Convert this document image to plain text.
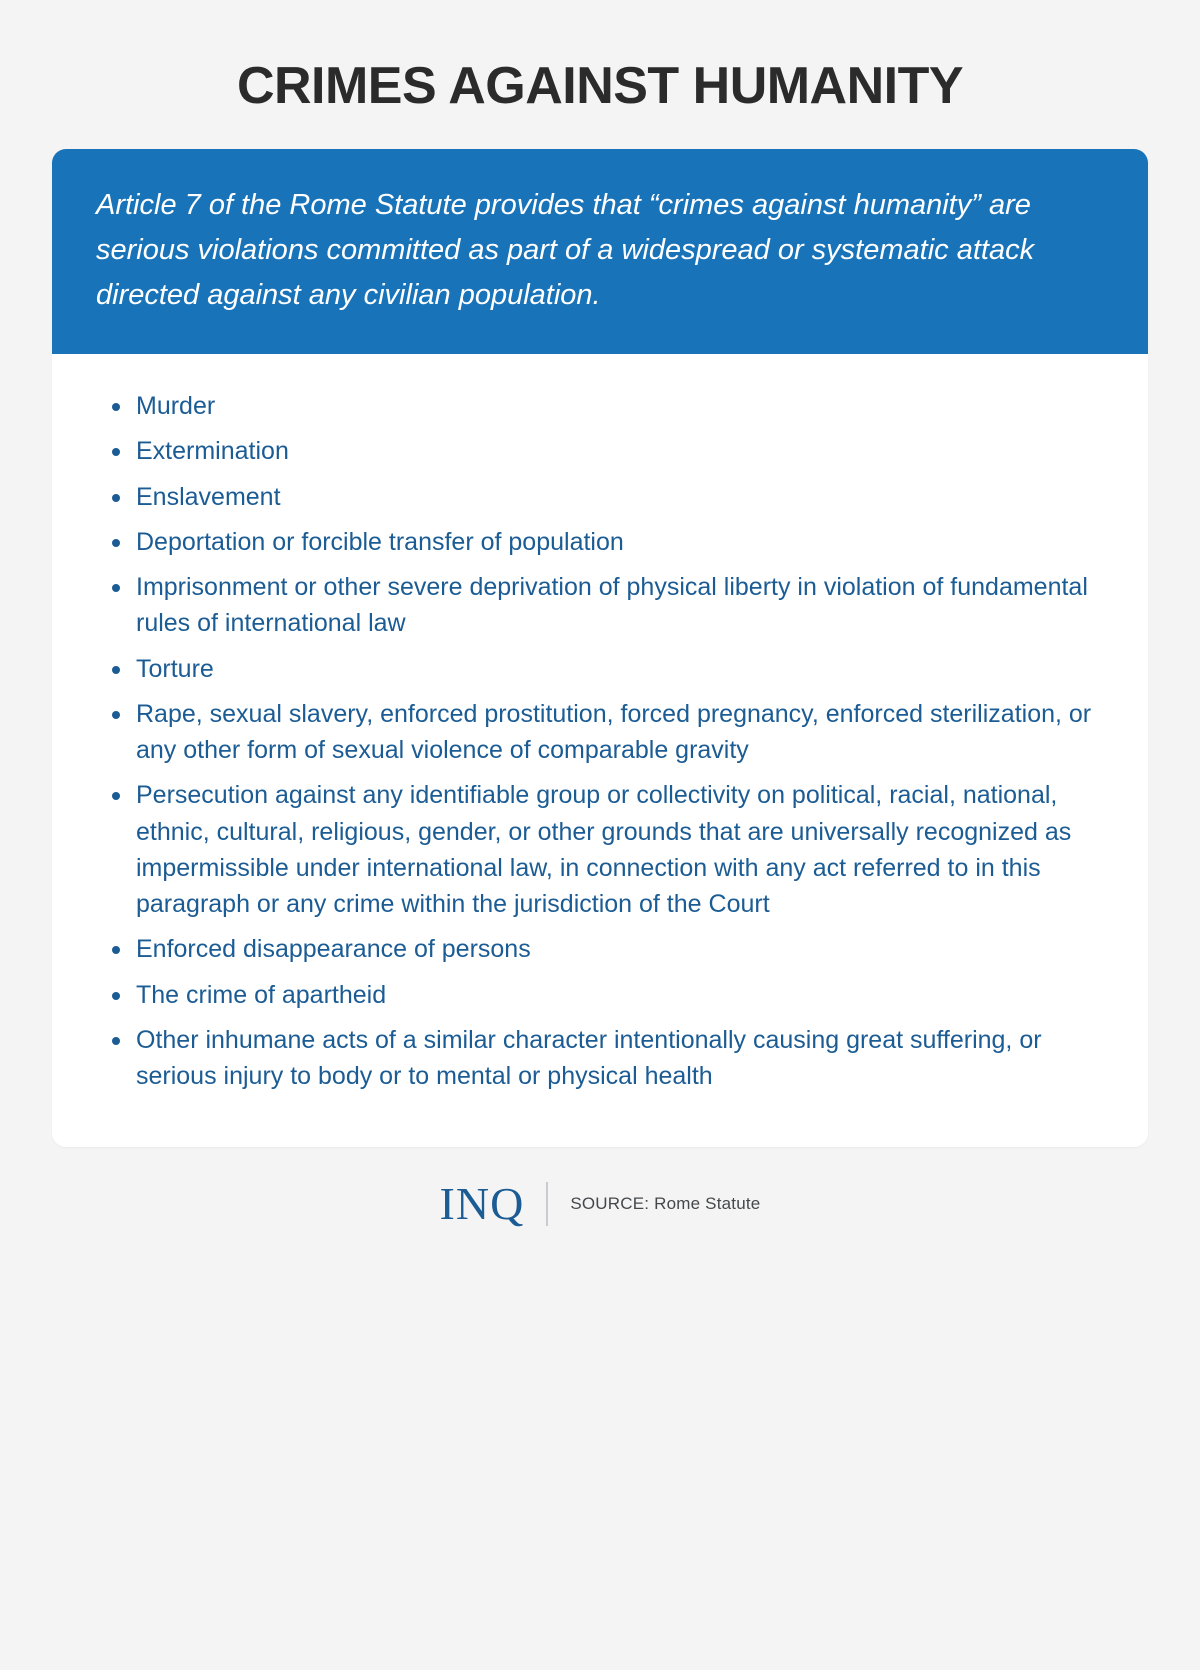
CRIMES AGAINST HUMANITY

Article 7 of the Rome Statute provides that “crimes against humanity” are serious violations committed as part of a widespread or systematic attack directed against any civilian population.

Murder
Extermination
Enslavement
Deportation or forcible transfer of population
Imprisonment or other severe deprivation of physical liberty in violation of fundamental rules of international law
Torture
Rape, sexual slavery, enforced prostitution, forced pregnancy, enforced sterilization, or any other form of sexual violence of comparable gravity
Persecution against any identifiable group or collectivity on political, racial, national, ethnic, cultural, religious, gender, or other grounds that are universally recognized as impermissible under international law, in connection with any act referred to in this paragraph or any crime within the jurisdiction of the Court
Enforced disappearance of persons
The crime of apartheid
Other inhumane acts of a similar character intentionally causing great suffering, or serious injury to body or to mental or physical health
INQ	SOURCE: Rome Statute
